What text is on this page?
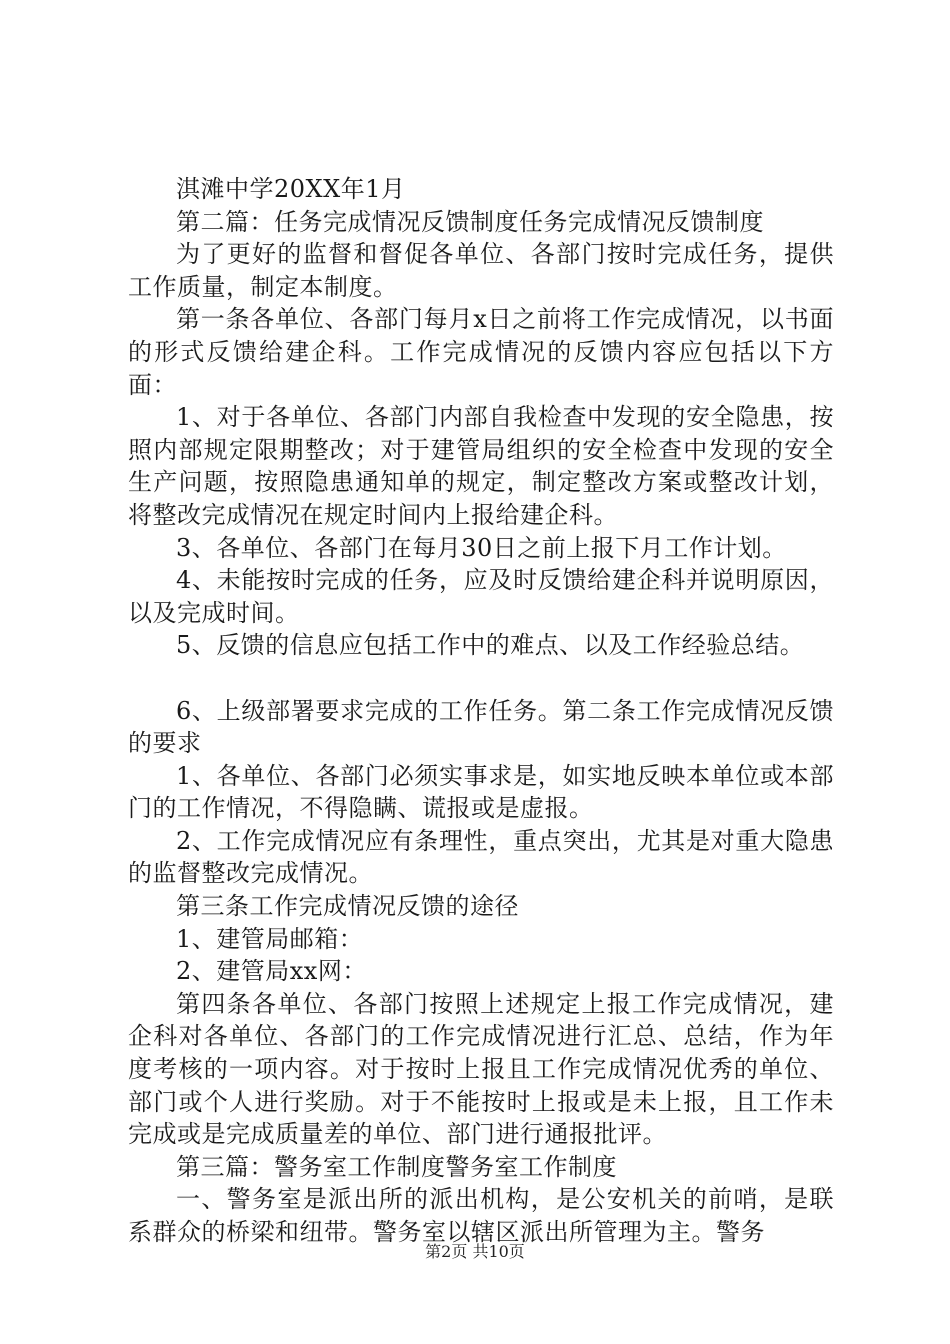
淇滩中学20XX年1月

第二篇：任务完成情况反馈制度任务完成情况反馈制度

为了更好的监督和督促各单位、各部门按时完成任务，提供工作质量，制定本制度。

第一条各单位、各部门每月x日之前将工作完成情况，以书面的形式反馈给建企科。工作完成情况的反馈内容应包括以下方面：

1、对于各单位、各部门内部自我检查中发现的安全隐患，按照内部规定限期整改；对于建管局组织的安全检查中发现的安全生产问题，按照隐患通知单的规定，制定整改方案或整改计划，将整改完成情况在规定时间内上报给建企科。

3、各单位、各部门在每月30日之前上报下月工作计划。

4、未能按时完成的任务，应及时反馈给建企科并说明原因，以及完成时间。

5、反馈的信息应包括工作中的难点、以及工作经验总结。

6、上级部署要求完成的工作任务。第二条工作完成情况反馈的要求

1、各单位、各部门必须实事求是，如实地反映本单位或本部门的工作情况，不得隐瞒、谎报或是虚报。

2、工作完成情况应有条理性，重点突出，尤其是对重大隐患的监督整改完成情况。

第三条工作完成情况反馈的途径

1、建管局邮箱：

2、建管局xx网：

第四条各单位、各部门按照上述规定上报工作完成情况，建企科对各单位、各部门的工作完成情况进行汇总、总结，作为年度考核的一项内容。对于按时上报且工作完成情况优秀的单位、部门或个人进行奖励。对于不能按时上报或是未上报，且工作未完成或是完成质量差的单位、部门进行通报批评。

第三篇：警务室工作制度警务室工作制度

一、警务室是派出所的派出机构，是公安机关的前哨，是联系群众的桥梁和纽带。警务室以辖区派出所管理为主。警务

第2页 共10页
